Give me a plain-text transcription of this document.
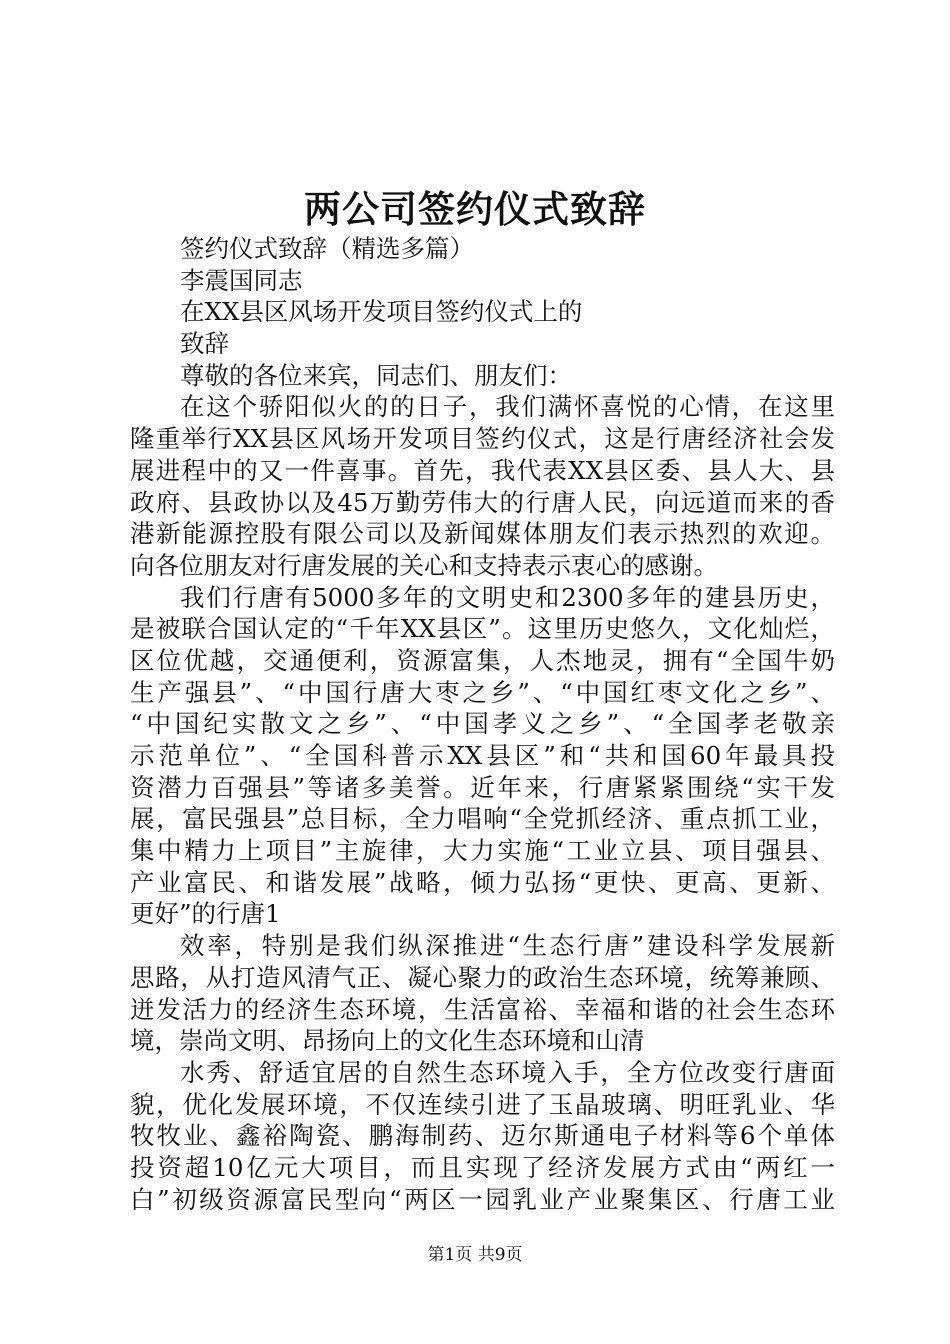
两公司签约仪式致辞
签约仪式致辞（精选多篇）
李震国同志
在XX县区风场开发项目签约仪式上的
致辞
尊敬的各位来宾，同志们、朋友们：
在这个骄阳似火的的日子，我们满怀喜悦的心情，在这里
隆重举行XX县区风场开发项目签约仪式，这是行唐经济社会发
展进程中的又一件喜事。首先，我代表XX县区委、县人大、县
政府、县政协以及45万勤劳伟大的行唐人民，向远道而来的香
港新能源控股有限公司以及新闻媒体朋友们表示热烈的欢迎。
向各位朋友对行唐发展的关心和支持表示衷心的感谢。
我们行唐有5000多年的文明史和2300多年的建县历史，
是被联合国认定的“千年XX县区”。这里历史悠久，文化灿烂，
区位优越，交通便利，资源富集，人杰地灵，拥有“全国牛奶
生产强县”、“中国行唐大枣之乡”、“中国红枣文化之乡”、
“中国纪实散文之乡”、“中国孝义之乡”、“全国孝老敬亲
示范单位”、“全国科普示XX县区”和“共和国60年最具投
资潜力百强县”等诸多美誉。近年来，行唐紧紧围绕“实干发
展，富民强县”总目标，全力唱响“全党抓经济、重点抓工业，
集中精力上项目”主旋律，大力实施“工业立县、项目强县、
产业富民、和谐发展”战略，倾力弘扬“更快、更高、更新、
更好”的行唐1
效率，特别是我们纵深推进“生态行唐”建设科学发展新
思路，从打造风清气正、凝心聚力的政治生态环境，统筹兼顾、
迸发活力的经济生态环境，生活富裕、幸福和谐的社会生态环
境，崇尚文明、昂扬向上的文化生态环境和山清
水秀、舒适宜居的自然生态环境入手，全方位改变行唐面
貌，优化发展环境，不仅连续引进了玉晶玻璃、明旺乳业、华
牧牧业、鑫裕陶瓷、鹏海制药、迈尔斯通电子材料等6个单体
投资超10亿元大项目，而且实现了经济发展方式由“两红一
白”初级资源富民型向“两区一园乳业产业聚集区、行唐工业

第1页 共9页
